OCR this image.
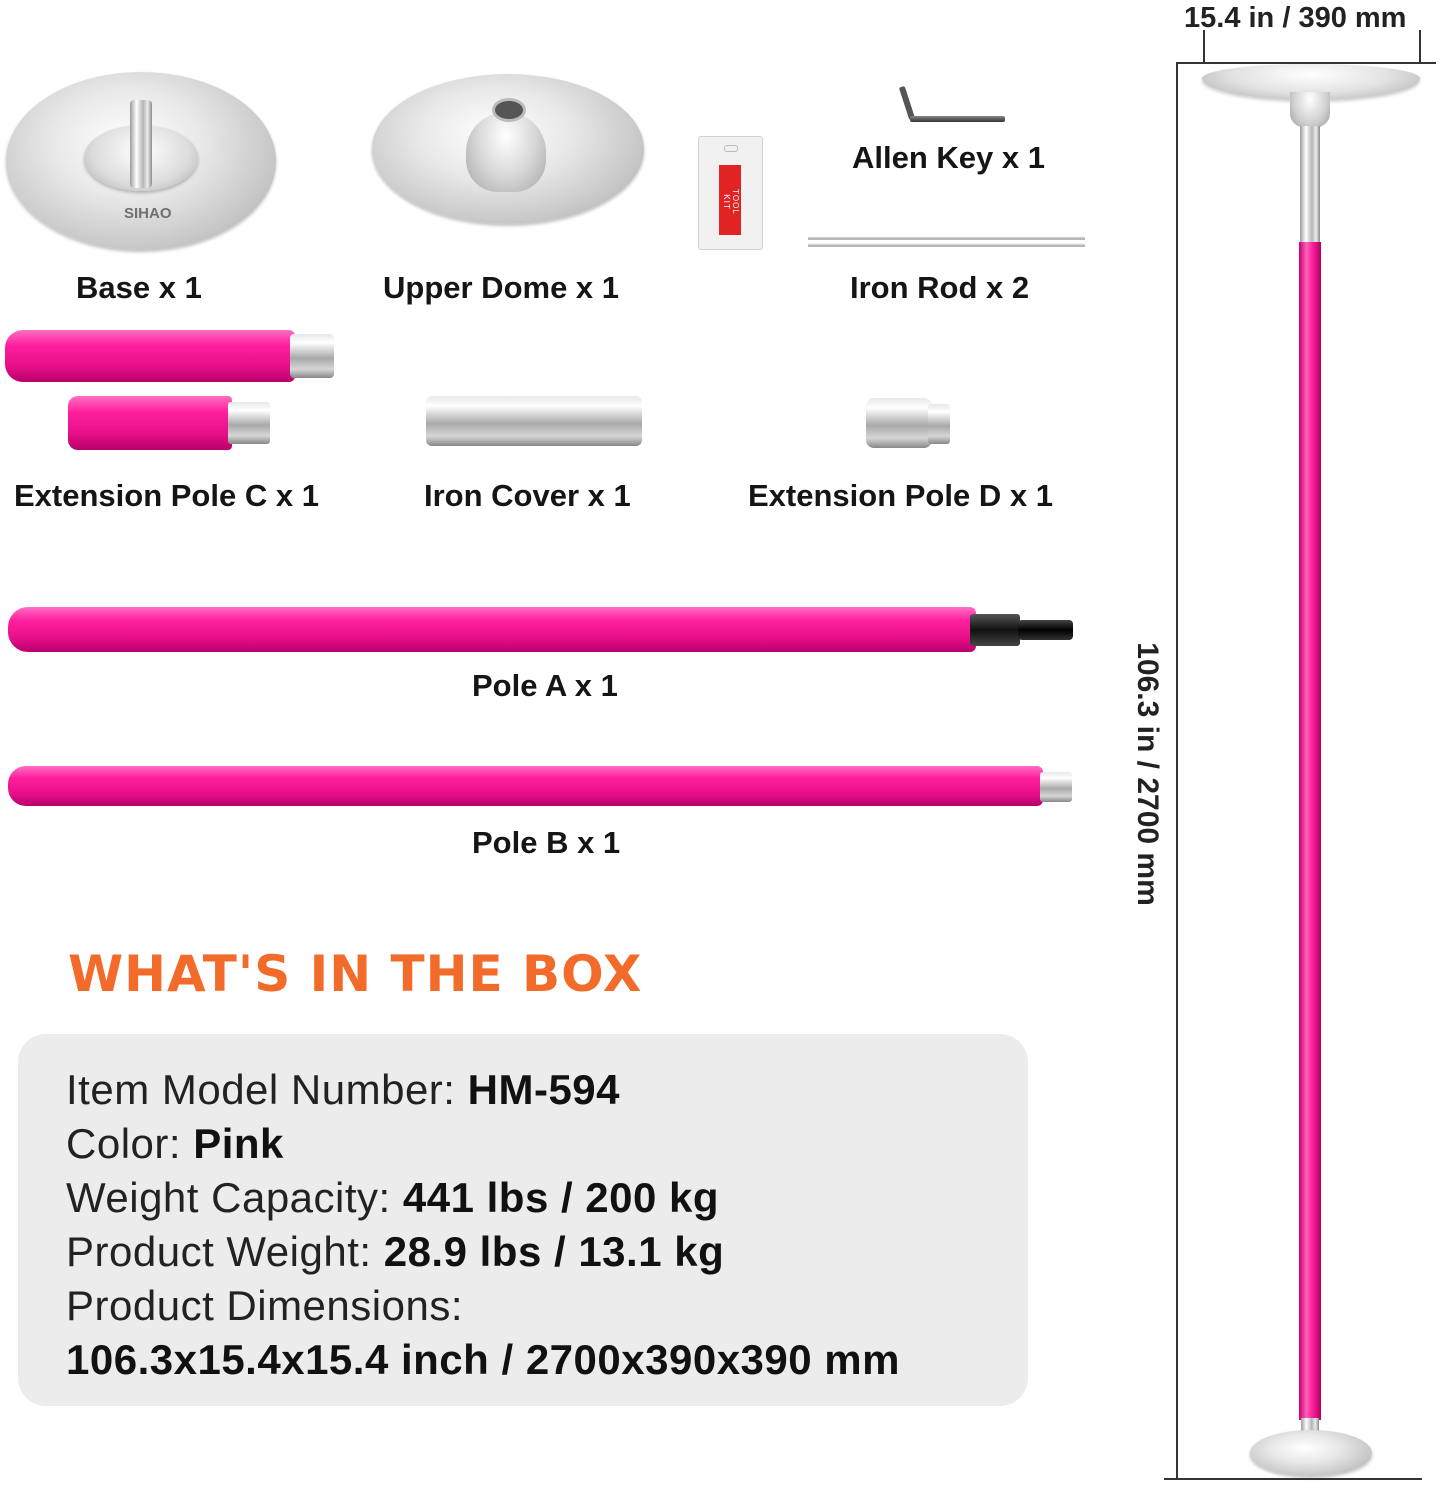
SIHAO
Base x 1	Upper Dome x 1
TOOL KIT
Allen Key x 1
Iron Rod x 2
Extension Pole C x 1	Iron Cover x 1	Extension Pole D x 1
Pole A x 1
Pole B x 1
WHAT'S IN THE BOX
Item Model Number: HM-594
Color: Pink
Weight Capacity: 441 lbs / 200 kg
Product Weight: 28.9 lbs / 13.1 kg
Product Dimensions:
106.3x15.4x15.4 inch / 2700x390x390 mm
15.4 in / 390 mm
106.3 in / 2700 mm
